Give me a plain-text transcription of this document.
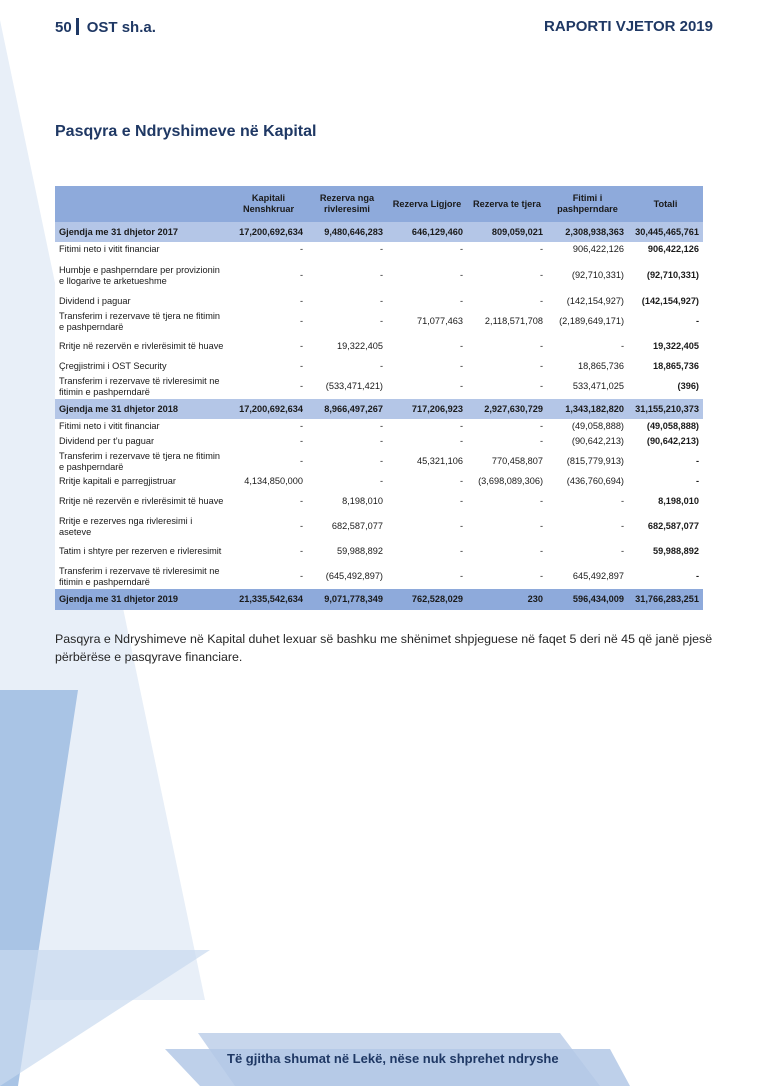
50 OST sh.a.	RAPORTI VJETOR 2019
Pasqyra e Ndryshimeve në Kapital
	Kapitali Nenshkruar	Rezerva nga rivleresimi	Rezerva Ligjore	Rezerva te tjera	Fitimi i pashperndare	Totali
Gjendja me 31 dhjetor 2017	17,200,692,634	9,480,646,283	646,129,460	809,059,021	2,308,938,363	30,445,465,761
Fitimi neto i vitit financiar	-	-	-	-	906,422,126	906,422,126
Humbje e pashperndare per provizionin e llogarive te arketueshme	-	-	-	-	(92,710,331)	(92,710,331)
Dividend i paguar	-	-	-	-	(142,154,927)	(142,154,927)
Transferim i rezervave të tjera ne fitimin e pashperndarë	-	-	71,077,463	2,118,571,708	(2,189,649,171)	-
Rritje në rezervën e rivlerësimit të huave	-	19,322,405	-	-	-	19,322,405
Çregjistrimi i OST Security	-	-	-	-	18,865,736	18,865,736
Transferim i rezervave të rivleresimit ne fitimin e pashperndarë	-	(533,471,421)	-	-	533,471,025	(396)
Gjendja me 31 dhjetor 2018	17,200,692,634	8,966,497,267	717,206,923	2,927,630,729	1,343,182,820	31,155,210,373
Fitimi neto i vitit financiar	-	-	-	-	(49,058,888)	(49,058,888)
Dividend per t’u paguar	-	-	-	-	(90,642,213)	(90,642,213)
Transferim i rezervave të tjera ne fitimin e pashperndarë	-	-	45,321,106	770,458,807	(815,779,913)	-
Rritje kapitali e parregjistruar	4,134,850,000	-	-	(3,698,089,306)	(436,760,694)	-
Rritje në rezervën e rivlerësimit të huave	-	8,198,010	-	-	-	8,198,010
Rritje e rezerves nga rivleresimi i aseteve	-	682,587,077	-	-	-	682,587,077
Tatim i shtyre per rezerven e rivleresimit	-	59,988,892	-	-	-	59,988,892
Transferim i rezervave të rivleresimit ne fitimin e pashperndarë	-	(645,492,897)	-	-	645,492,897	-
Gjendja me 31 dhjetor 2019	21,335,542,634	9,071,778,349	762,528,029	230	596,434,009	31,766,283,251
Pasqyra e Ndryshimeve në Kapital duhet lexuar së bashku me shënimet shpjeguese në faqet 5 deri në 45 që janë pjesë përbërëse e pasqyrave financiare.
Të gjitha shumat në Lekë, nëse nuk shprehet ndryshe
